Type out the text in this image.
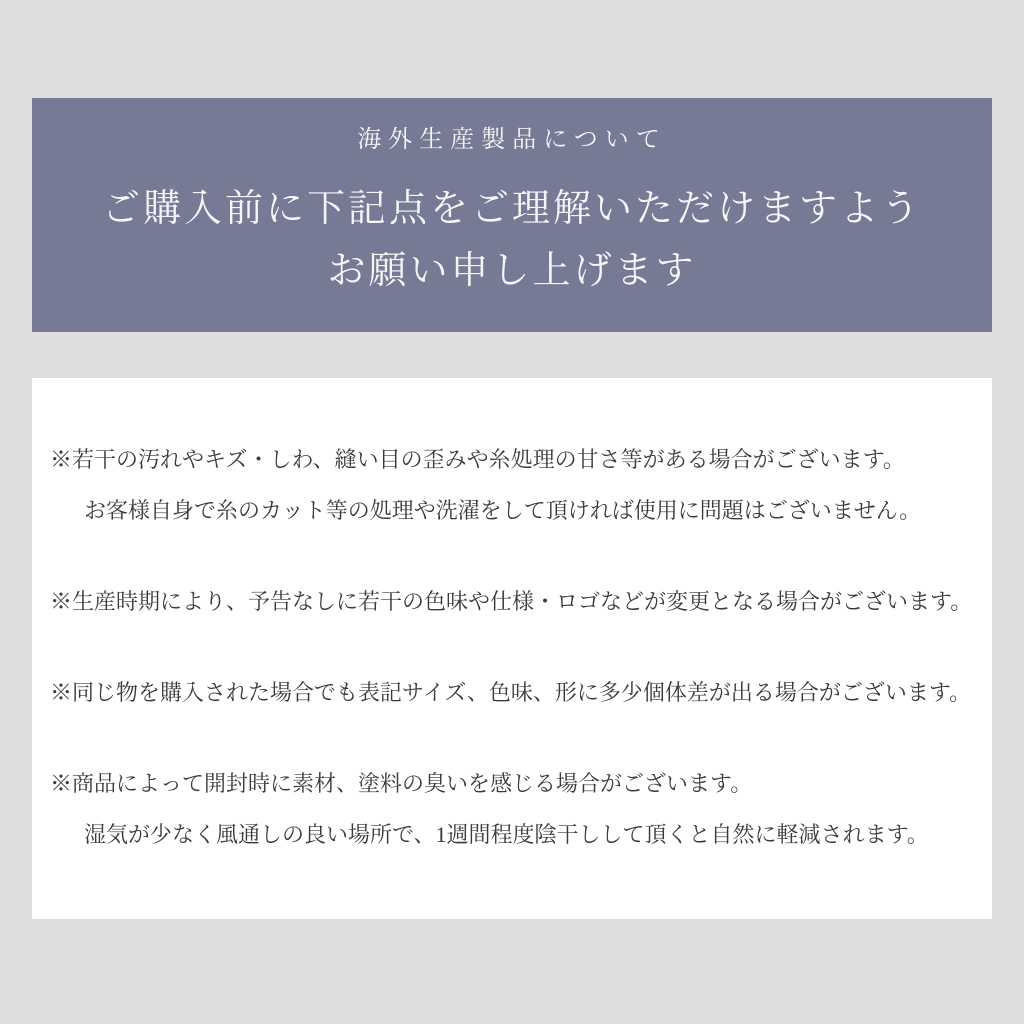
海外生産製品について
ご購入前に下記点をご理解いただけますよう
お願い申し上げます

※若干の汚れやキズ・しわ、縫い目の歪みや糸処理の甘さ等がある場合がございます。
お客様自身で糸のカット等の処理や洗濯をして頂ければ使用に問題はございません。

※生産時期により、予告なしに若干の色味や仕様・ロゴなどが変更となる場合がございます。

※同じ物を購入された場合でも表記サイズ、色味、形に多少個体差が出る場合がございます。

※商品によって開封時に素材、塗料の臭いを感じる場合がございます。
湿気が少なく風通しの良い場所で、1週間程度陰干しして頂くと自然に軽減されます。
